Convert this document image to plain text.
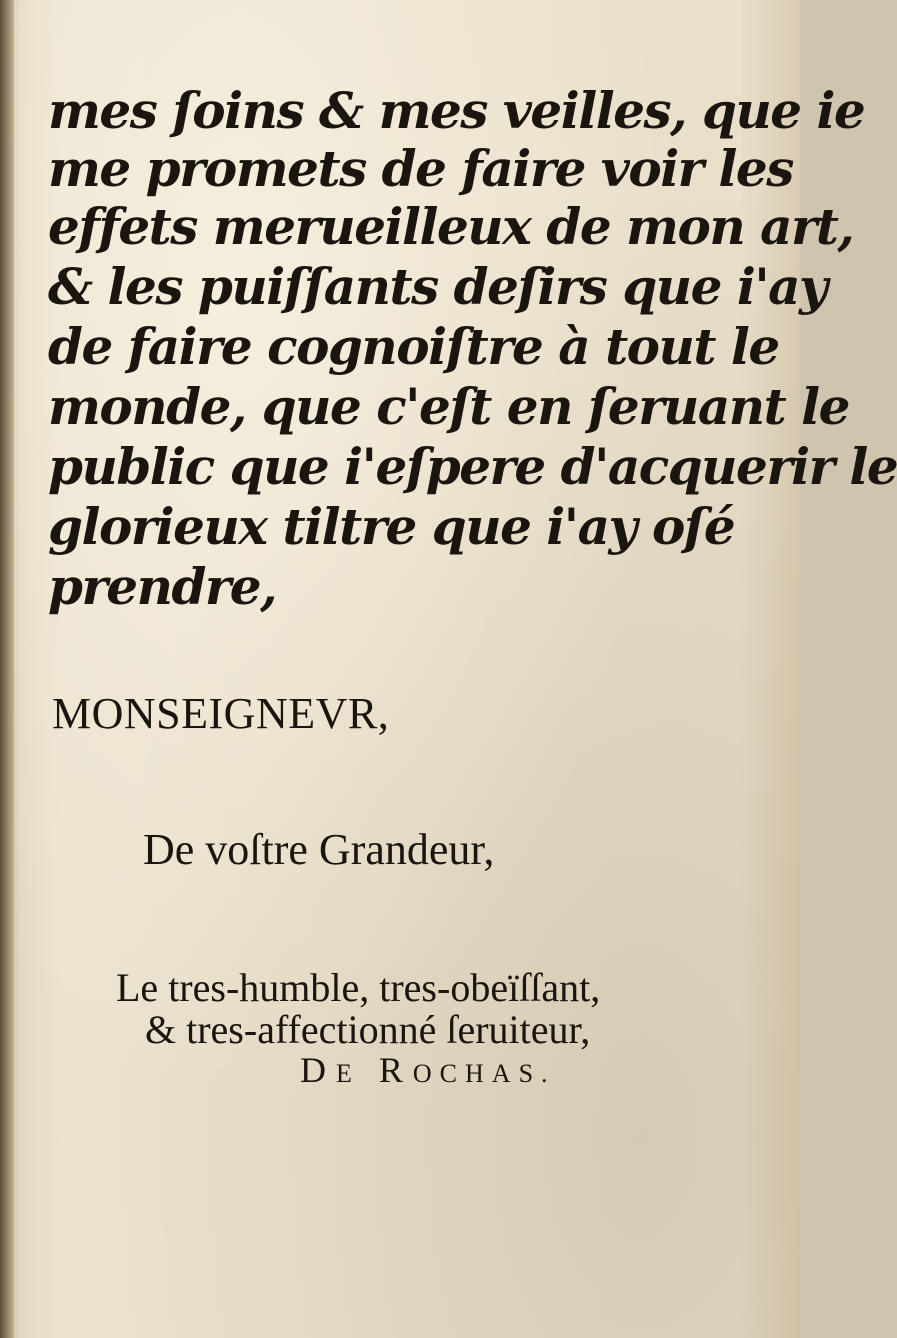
mes ſoins & mes veilles, que ie
me promets de faire voir les
effets merueilleux de mon art,
& les puiſſants deſirs que i'ay
de faire cognoiſtre à tout le
monde, que c'eſt en ſeruant le
public que i'eſpere d'acquerir le
glorieux tiltre que i'ay oſé
prendre,
MONSEIGNEVR,
De voſtre Grandeur,
Le tres-humble, tres-obeïſſant,
& tres-affectionné ſeruiteur,
DE ROCHAS.
